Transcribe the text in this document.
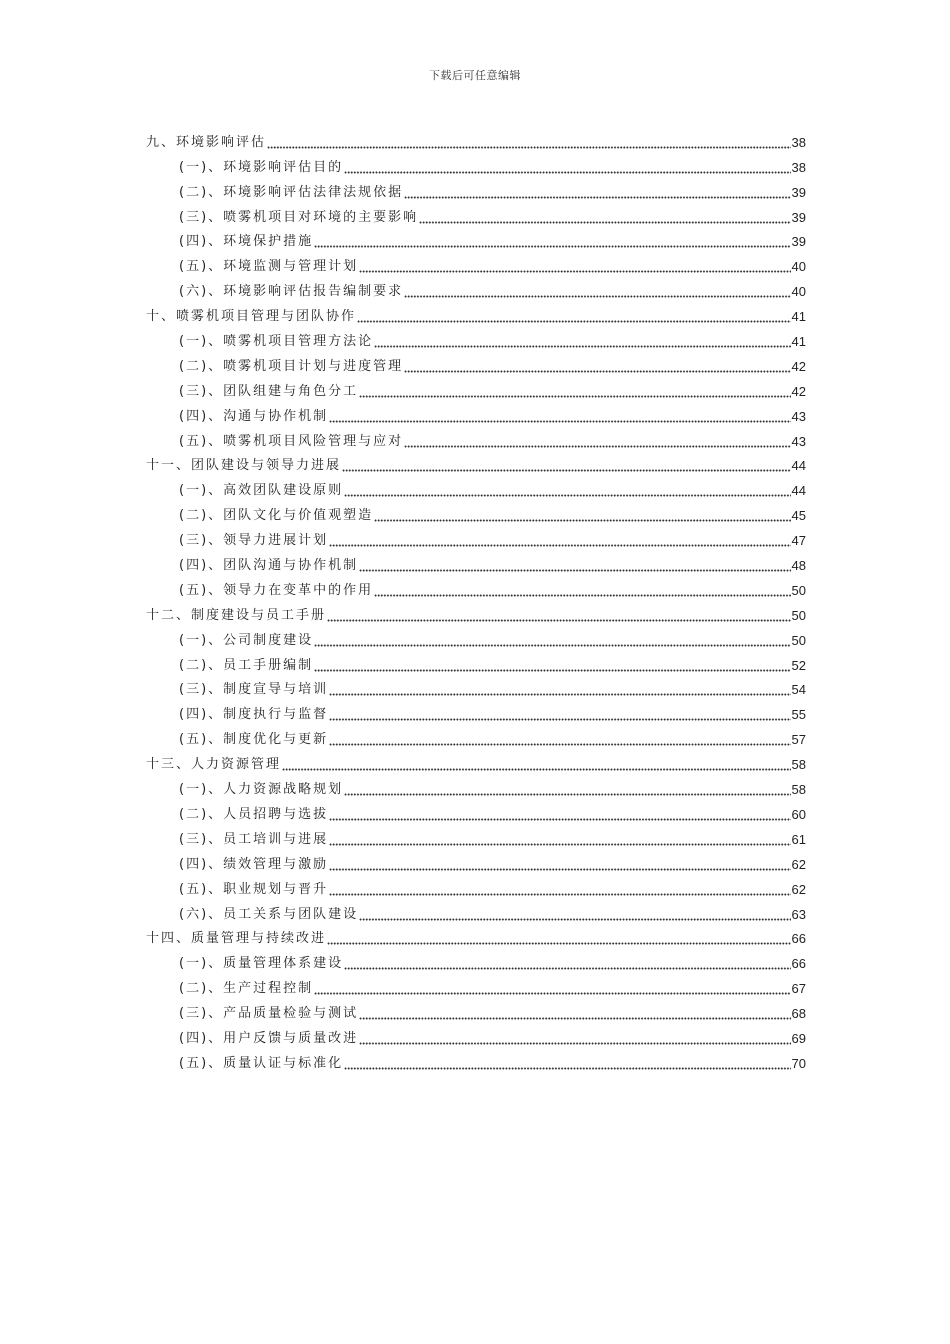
下载后可任意编辑
九、环境影响评估	38
(一)、环境影响评估目的	38
(二)、环境影响评估法律法规依据	39
(三)、喷雾机项目对环境的主要影响	39
(四)、环境保护措施	39
(五)、环境监测与管理计划	40
(六)、环境影响评估报告编制要求	40
十、喷雾机项目管理与团队协作	41
(一)、喷雾机项目管理方法论	41
(二)、喷雾机项目计划与进度管理	42
(三)、团队组建与角色分工	42
(四)、沟通与协作机制	43
(五)、喷雾机项目风险管理与应对	43
十一、团队建设与领导力进展	44
(一)、高效团队建设原则	44
(二)、团队文化与价值观塑造	45
(三)、领导力进展计划	47
(四)、团队沟通与协作机制	48
(五)、领导力在变革中的作用	50
十二、制度建设与员工手册	50
(一)、公司制度建设	50
(二)、员工手册编制	52
(三)、制度宣导与培训	54
(四)、制度执行与监督	55
(五)、制度优化与更新	57
十三、人力资源管理	58
(一)、人力资源战略规划	58
(二)、人员招聘与选拔	60
(三)、员工培训与进展	61
(四)、绩效管理与激励	62
(五)、职业规划与晋升	62
(六)、员工关系与团队建设	63
十四、质量管理与持续改进	66
(一)、质量管理体系建设	66
(二)、生产过程控制	67
(三)、产品质量检验与测试	68
(四)、用户反馈与质量改进	69
(五)、质量认证与标准化	70
